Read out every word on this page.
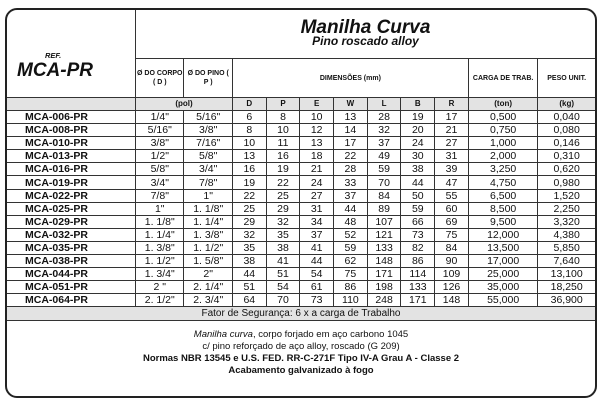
REF.
MCA-PR	Manilha Curva
Pino roscado alloy										

	Ø DO CORPO ( D )	Ø DO PINO ( P )	DIMENSÕES (mm)							CARGA DE TRAB.	PESO UNIT.
	(pol)		D	P	E	W	L	B	R	(ton)	(kg)
MCA-006-PR	1/4"	5/16"	6	8	10	13	28	19	17	0,500	0,040
MCA-008-PR	5/16"	3/8"	8	10	12	14	32	20	21	0,750	0,080
MCA-010-PR	3/8"	7/16"	10	11	13	17	37	24	27	1,000	0,146
MCA-013-PR	1/2"	5/8"	13	16	18	22	49	30	31	2,000	0,310
MCA-016-PR	5/8"	3/4"	16	19	21	28	59	38	39	3,250	0,620
MCA-019-PR	3/4"	7/8"	19	22	24	33	70	44	47	4,750	0,980
MCA-022-PR	7/8"	1"	22	25	27	37	84	50	55	6,500	1,520
MCA-025-PR	1"	1. 1/8"	25	29	31	44	89	59	60	8,500	2,250
MCA-029-PR	1. 1/8"	1. 1/4"	29	32	34	48	107	66	69	9,500	3,320
MCA-032-PR	1. 1/4"	1. 3/8"	32	35	37	52	121	73	75	12,000	4,380
MCA-035-PR	1. 3/8"	1. 1/2"	35	38	41	59	133	82	84	13,500	5,850
MCA-038-PR	1. 1/2"	1. 5/8"	38	41	44	62	148	86	90	17,000	7,640
MCA-044-PR	1. 3/4"	2"	44	51	54	75	171	114	109	25,000	13,100
MCA-051-PR	2 "	2. 1/4"	51	54	61	86	198	133	126	35,000	18,250
MCA-064-PR	2. 1/2"	2. 3/4"	64	70	73	110	248	171	148	55,000	36,900
Fator de Segurança: 6 x a carga de Trabalho											
Manilha curva, corpo forjado em aço carbono 1045
c/ pino reforçado de aço alloy, roscado (G 209)
Normas NBR 13545 e U.S. FED. RR-C-271F Tipo IV-A Grau A - Classe 2
Acabamento galvanizado à fogo
